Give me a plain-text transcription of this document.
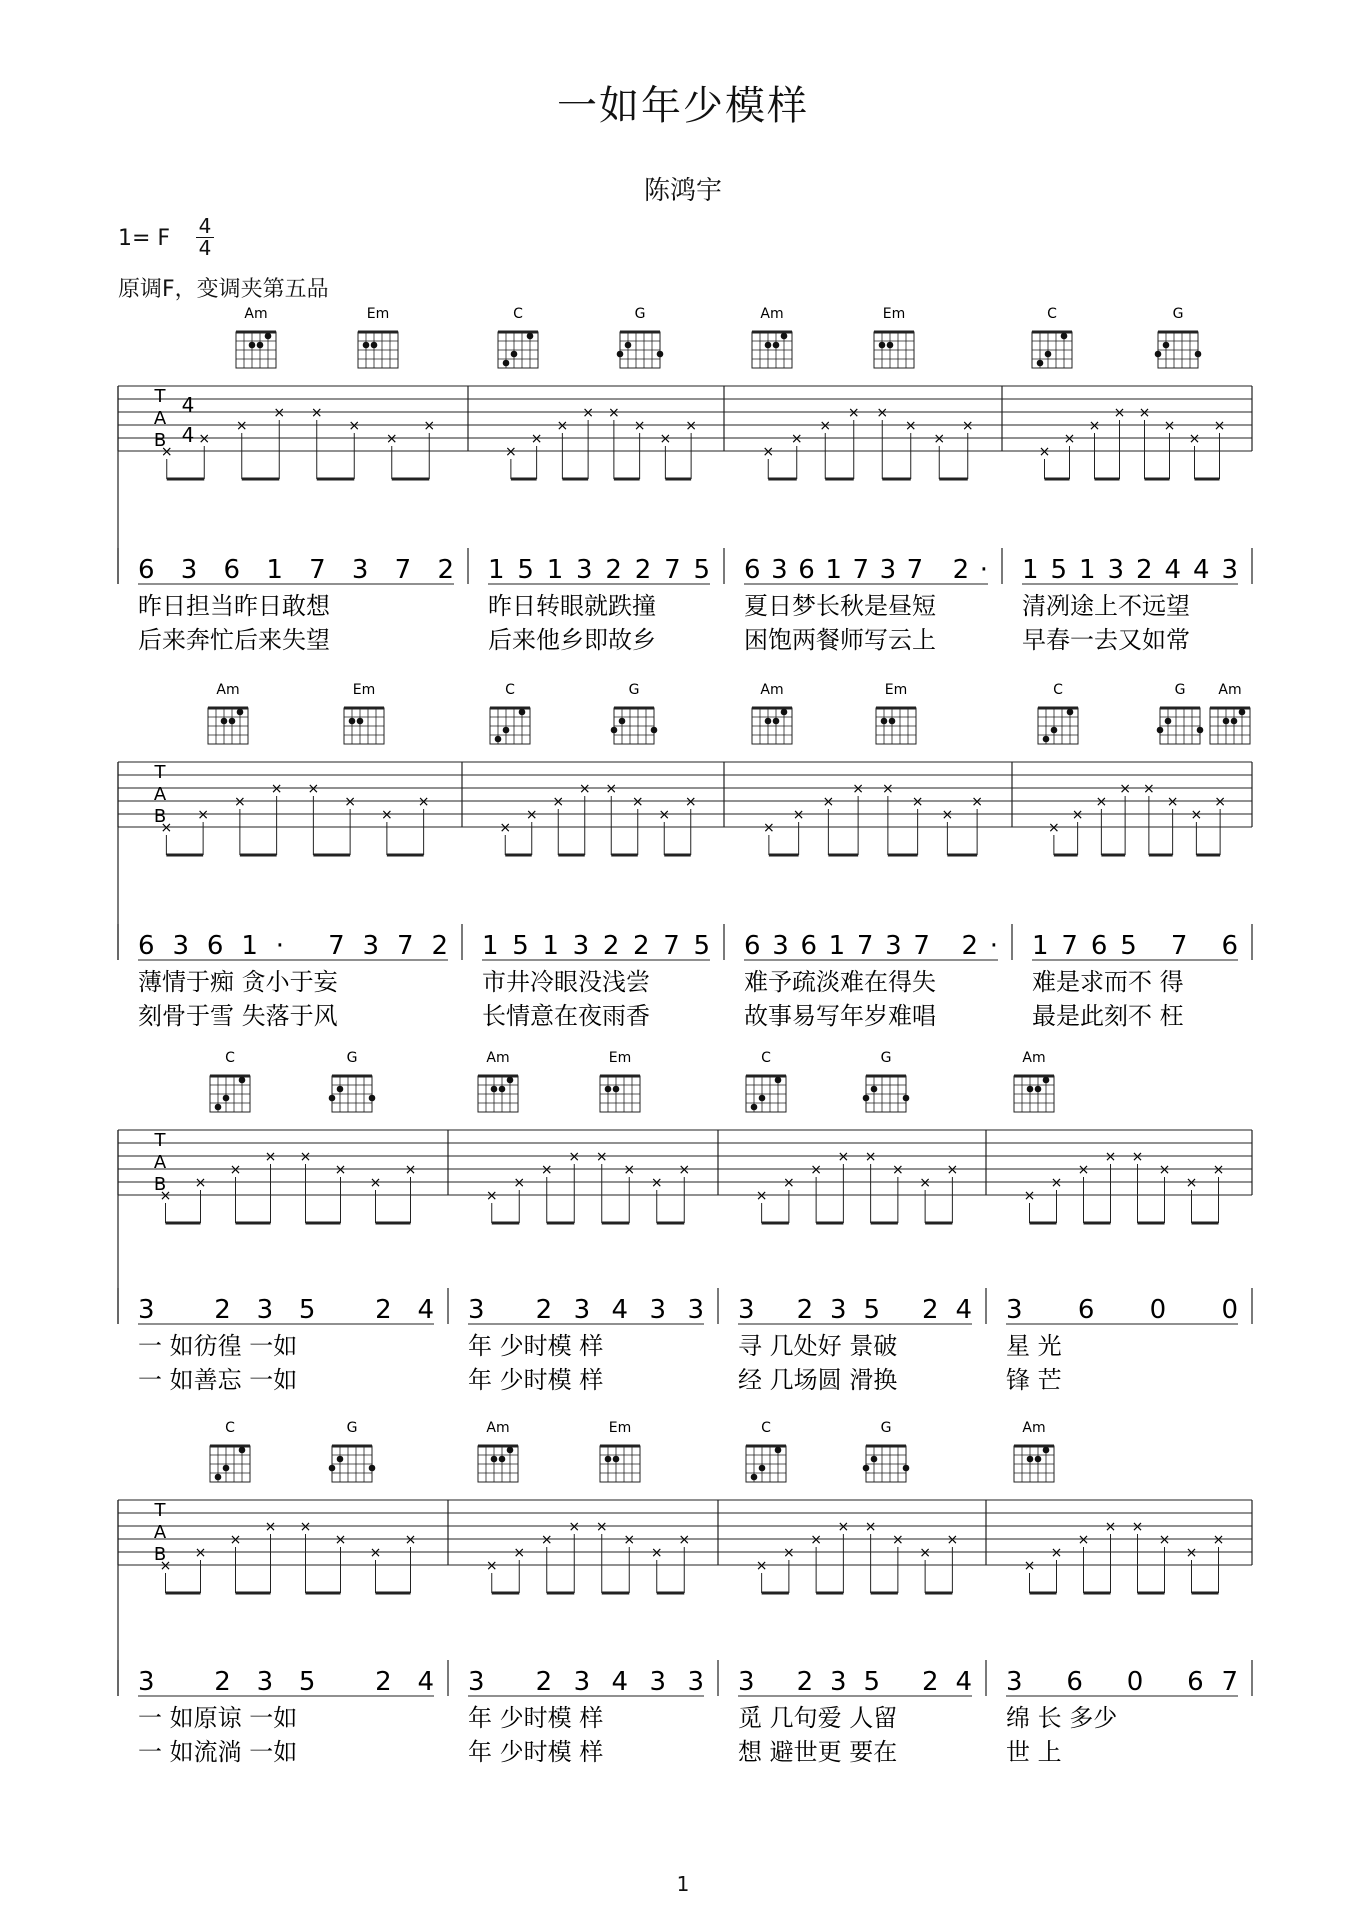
一如年少模样
陈鸿宇
1= F $\frac{4}{4}$
原调F，变调夹第五品
T
A
B
4
4
×
×
×
× ×
×
×
×
×
×
×
× ×
×
×
×
×
×
×
× ×
×
×
×
×
×
×
× ×
×
×
×
Am	Em	C	G	Am	Em	C	G
63617372
昨日担当昨日敢想
后来奔忙后来失望
15132275
昨日转眼就跌撞
后来他乡即故乡
6361737 2·
夏日梦长秋是昼短
困饱两餐师写云上
15132443
清冽途上不远望
早春一去又如常
T
A
B
×
×
×
× ×
×
×
×
×
×
×
× ×
×
×
×
×
×
×
× ×
×
×
×
×
×
×
× ×
×
×
×
Am	Em	C	G	Am	Em	C	G Am
6361· 7372
薄情于痴 贪小于妄
刻骨于雪 失落于风
15132275
市井冷眼没浅尝
长情意在夜雨香
6361737 2·
难予疏淡难在得失
故事易写年岁难唱
1765 7 6
难是求而不 得
最是此刻不 枉
T
A
B
×
×
×
× ×
×
×
×
×
×
×
× ×
×
×
×
×
×
×
× ×
×
×
×
×
×
×
× ×
×
×
×
C	G	Am	Em	C	G	Am
3 235 24
一 如彷徨 一如
一 如善忘 一如
3 23433
年 少时模 样
年 少时模 样
3 235 24
寻 几处好 景破
经 几场圆 滑换
3 6 0 0
星 光
锋 芒
T
A
B
×
×
×
× ×
×
×
×
×
×
×
× ×
×
×
×
×
×
×
× ×
×
×
×
×
×
×
× ×
×
×
×
C	G	Am	Em	C	G	Am
3 235 24
一 如原谅 一如
一 如流淌 一如
3 23433
年 少时模 样
年 少时模 样
3 235 24
觅 几句爱 人留
想 避世更 要在
3 6 0 67
绵 长 多少
世 上
1
